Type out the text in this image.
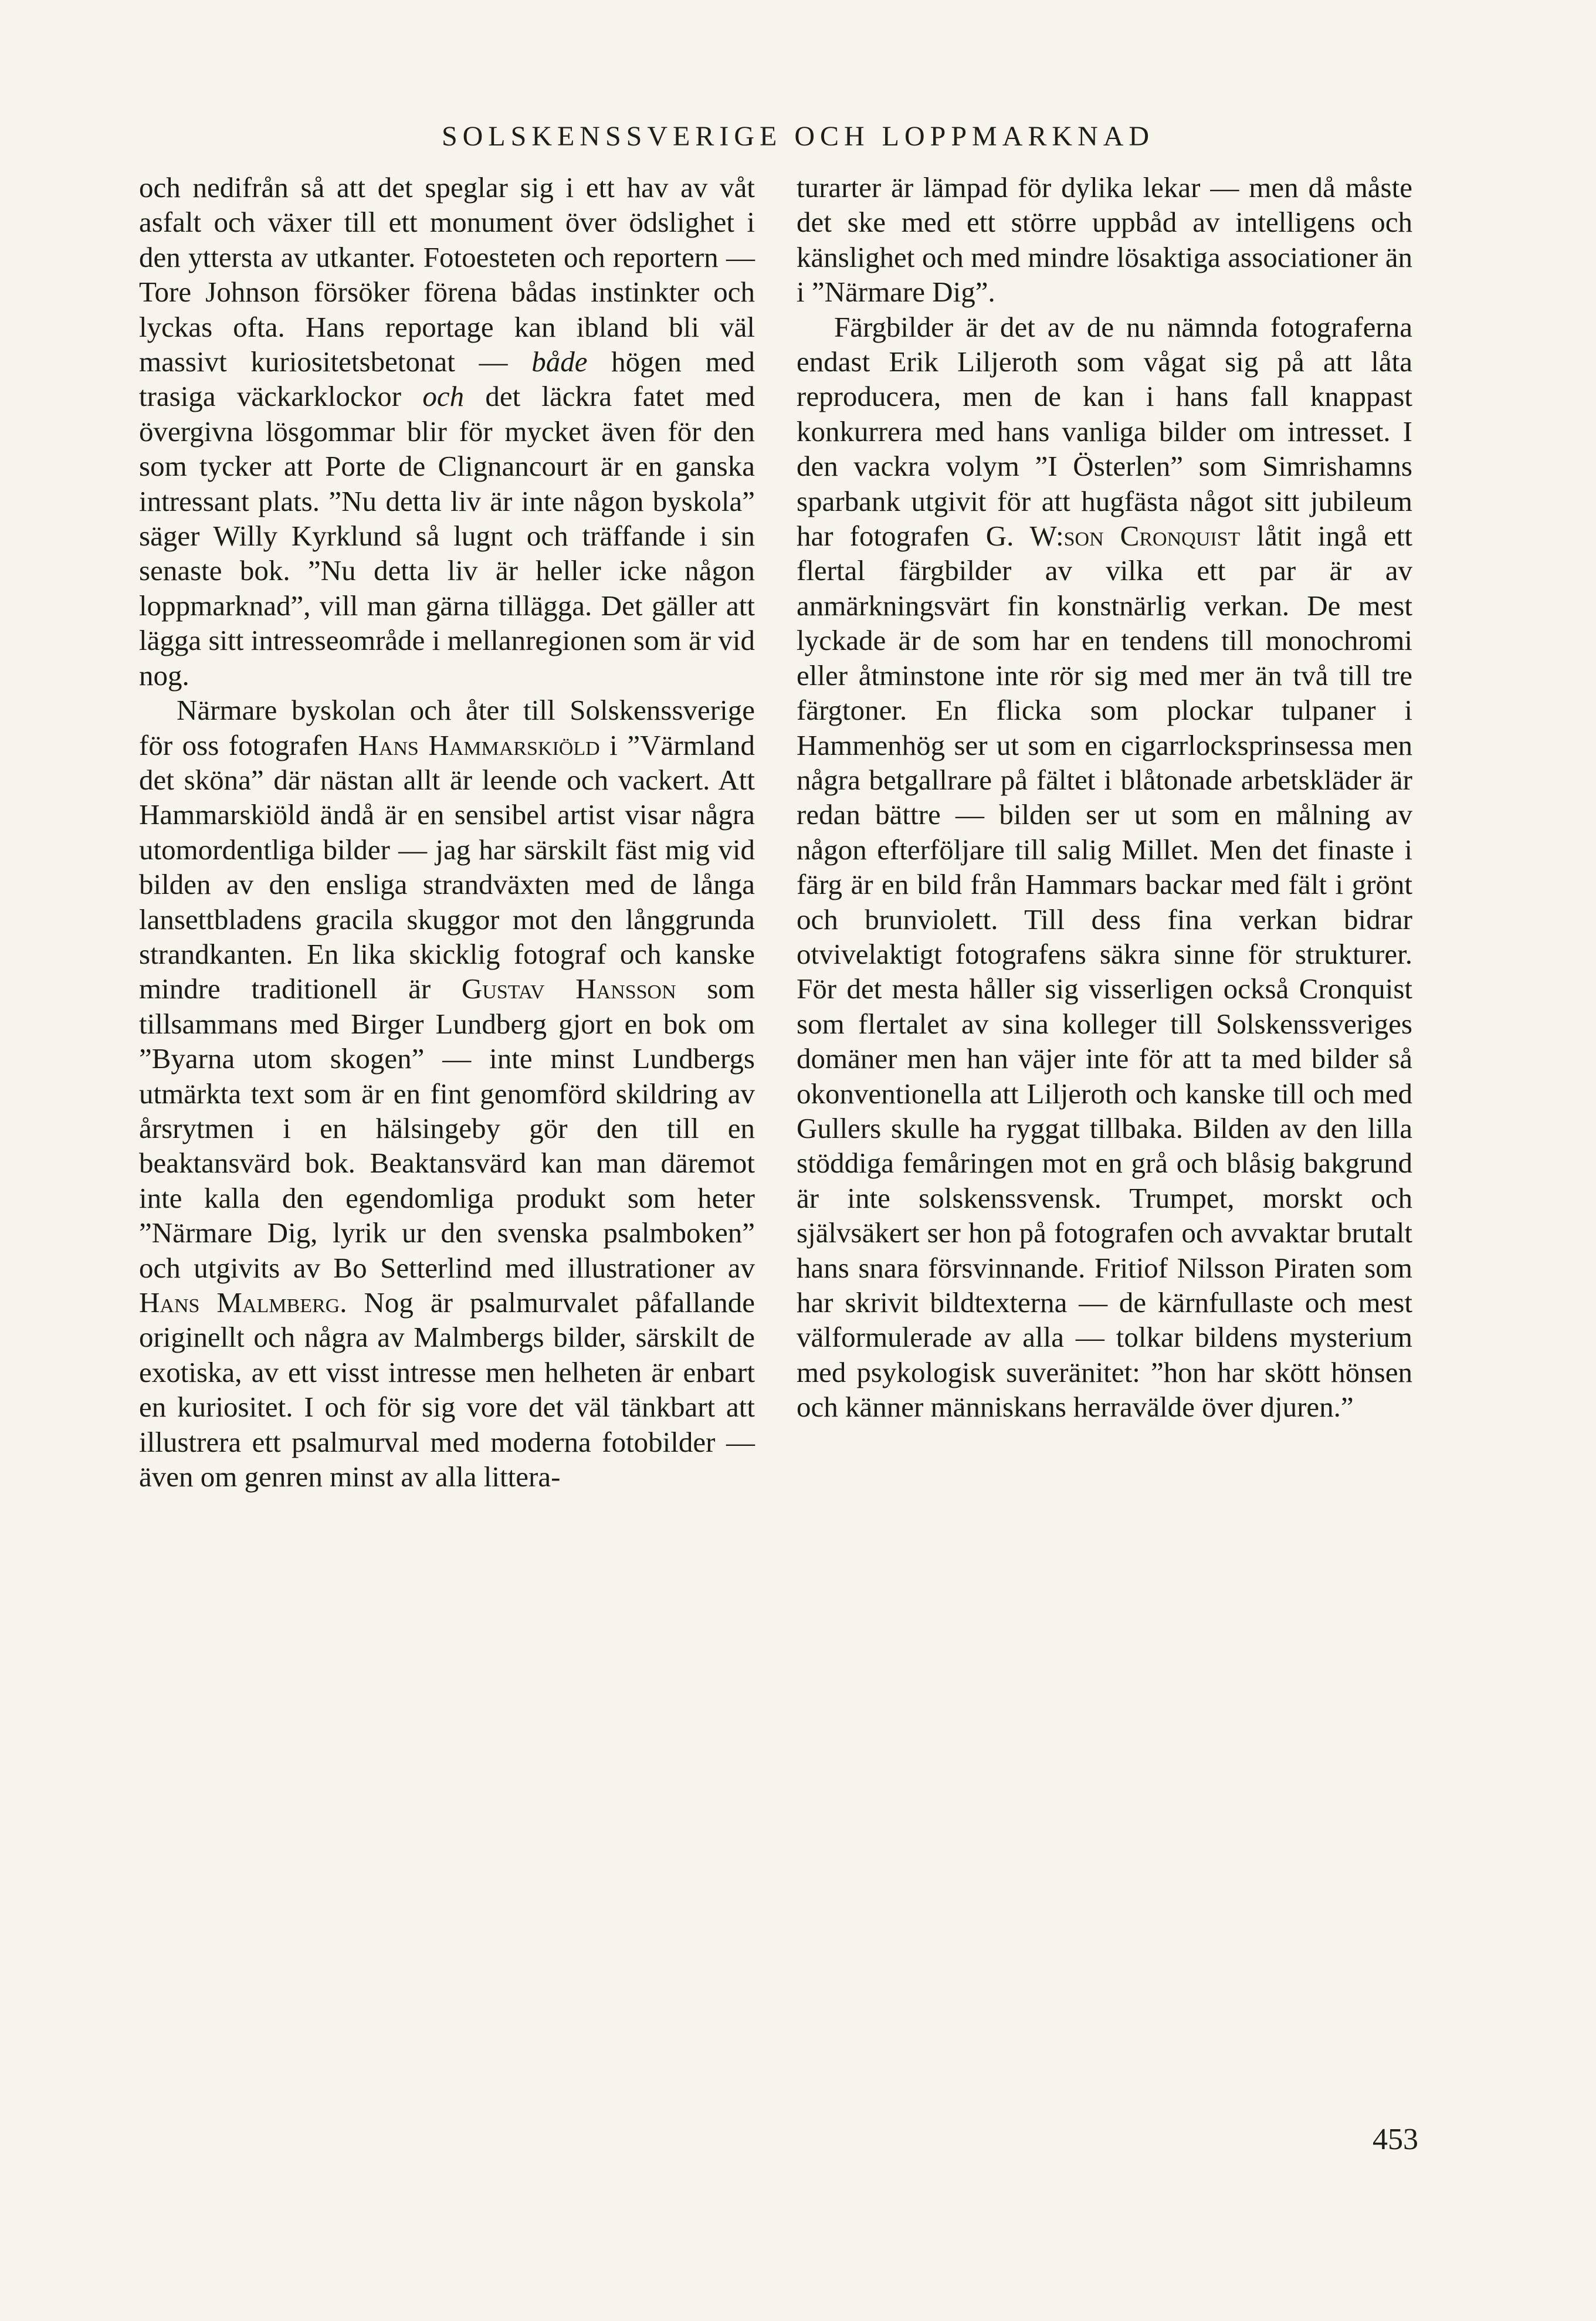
SOLSKENSSVERIGE OCH LOPPMARKNAD

och nedifrån så att det speglar sig i ett hav av våt asfalt och växer till ett monument över ödslighet i den yttersta av utkanter. Fotoesteten och reportern — Tore Johnson försöker förena bådas instinkter och lyckas ofta. Hans reportage kan ibland bli väl massivt kuriositetsbetonat — både högen med trasiga väckarklockor och det läckra fatet med övergivna lösgommar blir för mycket även för den som tycker att Porte de Clignancourt är en ganska intressant plats. ”Nu detta liv är inte någon byskola” säger Willy Kyrklund så lugnt och träffande i sin senaste bok. ”Nu detta liv är heller icke någon loppmarknad”, vill man gärna tillägga. Det gäller att lägga sitt intresseområde i mellanregionen som är vid nog.

Närmare byskolan och åter till Solskenssverige för oss fotografen Hans Hammarskiöld i ”Värmland det sköna” där nästan allt är leende och vackert. Att Hammarskiöld ändå är en sensibel artist visar några utomordentliga bilder — jag har särskilt fäst mig vid bilden av den ensliga strandväxten med de långa lansettbladens gracila skuggor mot den långgrunda strandkanten. En lika skicklig fotograf och kanske mindre traditionell är Gustav Hansson som tillsammans med Birger Lundberg gjort en bok om ”Byarna utom skogen” — inte minst Lundbergs utmärkta text som är en fint genomförd skildring av årsrytmen i en hälsingeby gör den till en beaktansvärd bok. Beaktansvärd kan man däremot inte kalla den egendomliga produkt som heter ”Närmare Dig, lyrik ur den svenska psalmboken” och utgivits av Bo Setterlind med illustrationer av Hans Malmberg. Nog är psalmurvalet påfallande originellt och några av Malmbergs bilder, särskilt de exotiska, av ett visst intresse men helheten är enbart en kuriositet. I och för sig vore det väl tänkbart att illustrera ett psalmurval med moderna fotobilder — även om genren minst av alla littera-

turarter är lämpad för dylika lekar — men då måste det ske med ett större uppbåd av intelligens och känslighet och med mindre lösaktiga associationer än i ”Närmare Dig”.

Färgbilder är det av de nu nämnda fotograferna endast Erik Liljeroth som vågat sig på att låta reproducera, men de kan i hans fall knappast konkurrera med hans vanliga bilder om intresset. I den vackra volym ”I Österlen” som Simrishamns sparbank utgivit för att hugfästa något sitt jubileum har fotografen G. W:son Cronquist låtit ingå ett flertal färgbilder av vilka ett par är av anmärkningsvärt fin konstnärlig verkan. De mest lyckade är de som har en tendens till monochromi eller åtminstone inte rör sig med mer än två till tre färgtoner. En flicka som plockar tulpaner i Hammenhög ser ut som en cigarrlocksprinsessa men några betgallrare på fältet i blåtonade arbetskläder är redan bättre — bilden ser ut som en målning av någon efterföljare till salig Millet. Men det finaste i färg är en bild från Hammars backar med fält i grönt och brunviolett. Till dess fina verkan bidrar otvivelaktigt fotografens säkra sinne för strukturer. För det mesta håller sig visserligen också Cronquist som flertalet av sina kolleger till Solskenssveriges domäner men han väjer inte för att ta med bilder så okonventionella att Liljeroth och kanske till och med Gullers skulle ha ryggat tillbaka. Bilden av den lilla stöddiga femåringen mot en grå och blåsig bakgrund är inte solskenssvensk. Trumpet, morskt och självsäkert ser hon på fotografen och avvaktar brutalt hans snara försvinnande. Fritiof Nilsson Piraten som har skrivit bildtexterna — de kärnfullaste och mest välformulerade av alla — tolkar bildens mysterium med psykologisk suveränitet: ”hon har skött hönsen och känner människans herravälde över djuren.”

453
